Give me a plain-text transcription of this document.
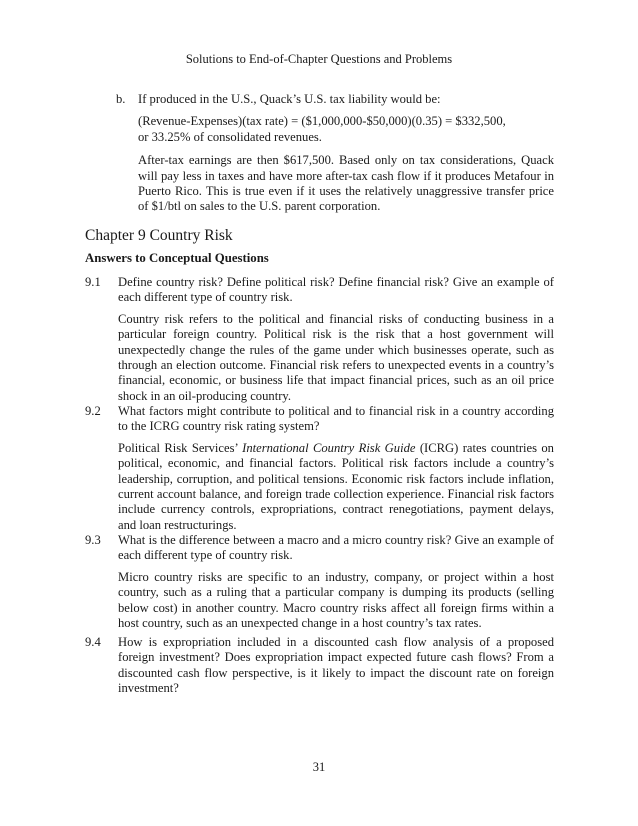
Solutions to End-of-Chapter Questions and Problems
b. If produced in the U.S., Quack’s U.S. tax liability would be:

(Revenue-Expenses)(tax rate) = ($1,000,000-$50,000)(0.35) = $332,500,
or 33.25% of consolidated revenues.

After-tax earnings are then $617,500. Based only on tax considerations, Quack will pay less in taxes and have more after-tax cash flow if it produces Metafour in Puerto Rico. This is true even if it uses the relatively unaggressive transfer price of $1/btl on sales to the U.S. parent corporation.

Chapter 9 Country Risk
Answers to Conceptual Questions
9.1	Define country risk? Define political risk? Define financial risk? Give an example of each different type of country risk.

Country risk refers to the political and financial risks of conducting business in a particular foreign country. Political risk is the risk that a host government will unexpectedly change the rules of the game under which businesses operate, such as through an election outcome. Financial risk refers to unexpected events in a country’s financial, economic, or business life that impact financial prices, such as an oil price shock in an oil-producing country.

9.2	What factors might contribute to political and to financial risk in a country according to the ICRG country risk rating system?

Political Risk Services’ International Country Risk Guide (ICRG) rates countries on political, economic, and financial factors. Political risk factors include a country’s leadership, corruption, and political tensions. Economic risk factors include inflation, current account balance, and foreign trade collection experience. Financial risk factors include currency controls, expropriations, contract renegotiations, payment delays, and loan restructurings.

9.3	What is the difference between a macro and a micro country risk? Give an example of each different type of country risk.

Micro country risks are specific to an industry, company, or project within a host country, such as a ruling that a particular company is dumping its products (selling below cost) in another country. Macro country risks affect all foreign firms within a host country, such as an unexpected change in a host country’s tax rates.

9.4	How is expropriation included in a discounted cash flow analysis of a proposed foreign investment? Does expropriation impact expected future cash flows? From a discounted cash flow perspective, is it likely to impact the discount rate on foreign investment?

31
